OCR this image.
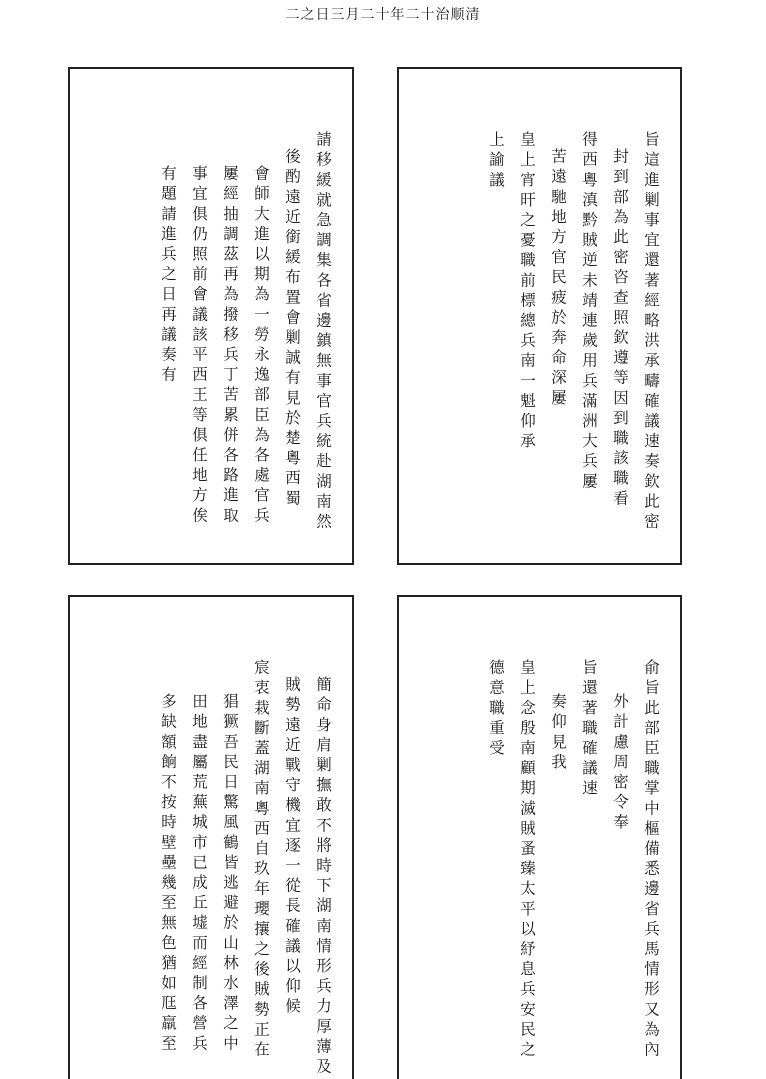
二之日三月二十年二十治顺清
旨這進剿事宜還著經略洪承疇確議速奏欽此密
封到部為此密咨查照欽遵等因到職該職看
得西粵滇黔賊逆未靖連歲用兵滿洲大兵屢
苦遠馳地方官民疲於奔命深屢
皇上宵旰之憂職前標總兵南一魁仰承
上諭議
請移緩就急調集各省邊鎮無事官兵統赴湖南然
後酌遠近銜緩布置會剿誠有見於楚粵西蜀
會師大進以期為一勞永逸部臣為各處官兵
屢經抽調茲再為撥移兵丁苦累併各路進取
事宜俱仍照前會議該平西王等俱任地方俟
有題請進兵之日再議奏有
俞旨此部臣職掌中樞備悉邊省兵馬情形又為內
外計慮周密令奉
旨還著職確議速
奏仰見我
皇上念殷南顧期滅賊蚤臻太平以紓息兵安民之
德意職重受
簡命身肩剿撫敢不將時下湖南情形兵力厚薄及
賊勢遠近戰守機宜逐一從長確議以仰候
宸衷栽斷蓋湖南粵西自玖年瓔攘之後賊勢正在
猖獗吾民日驚風鶴皆逃避於山林水澤之中
田地盡屬荒蕪城市已成丘墟而經制各營兵
多缺額餉不按時壁壘幾至無色猶如尫羸至
